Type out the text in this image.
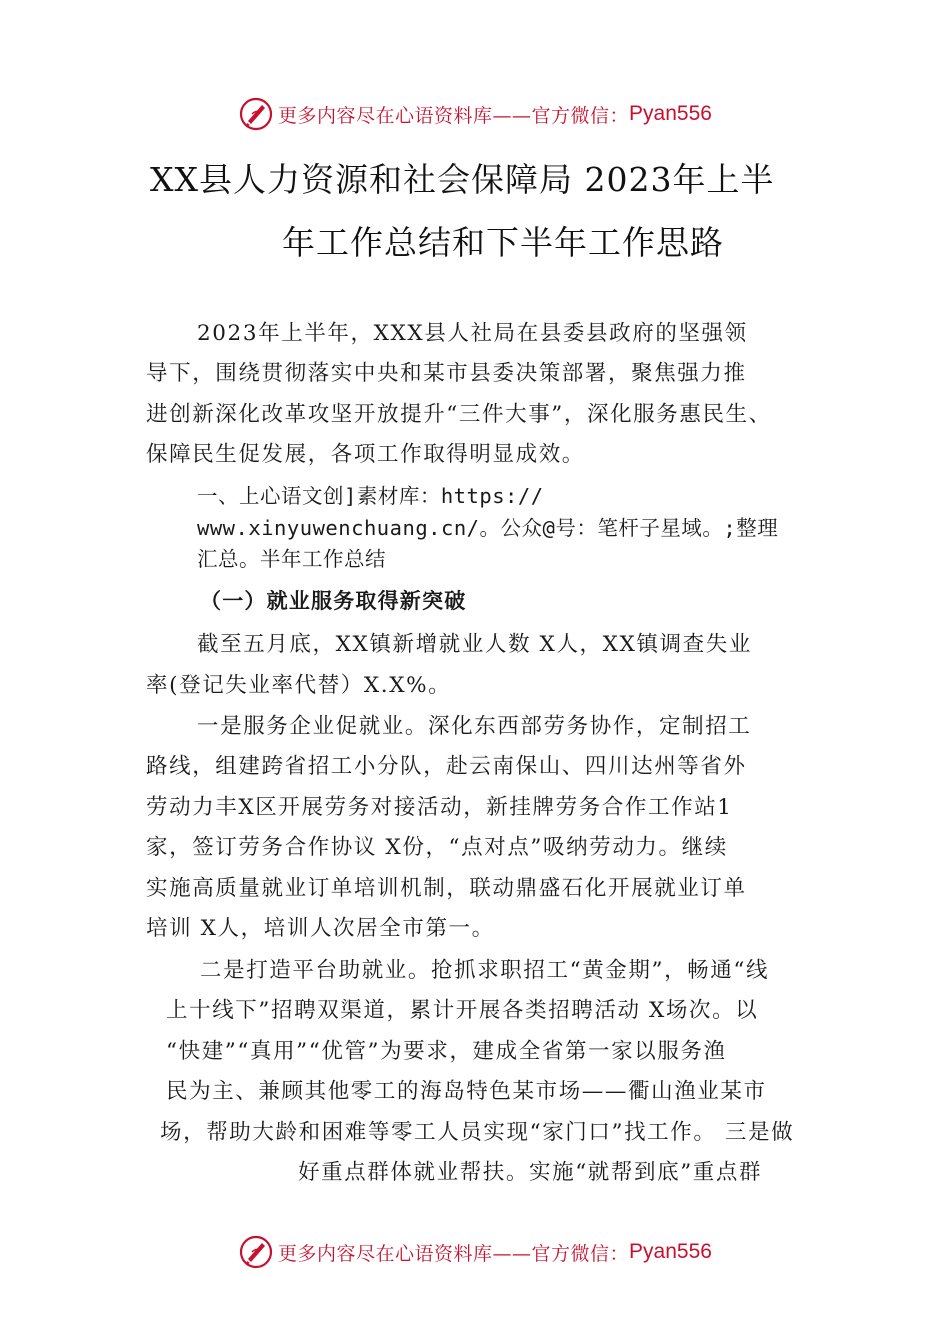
更多内容尽在心语资料库——官方微信： Pyan556
XX县人力资源和社会保障局 2023年上半
年工作总结和下半年工作思路
2023年上半年，XXX县人社局在县委县政府的坚强领
导下，围绕贯彻落实中央和某市县委决策部署，聚焦强力推
进创新深化改革攻坚开放提升“三件大事”，深化服务惠民生、
保障民生促发展，各项工作取得明显成效。
一、上心语文创]素材库：https://
www.xinyuwenchuang.cn/。公众@号：笔杆子星域。;整理
汇总。半年工作总结
（一）就业服务取得新突破
截至五月底，XX镇新增就业人数 X人，XX镇调查失业
率(登记失业率代替）X.X%。
一是服务企业促就业。深化东西部劳务协作，定制招工
路线，组建跨省招工小分队，赴云南保山、四川达州等省外
劳动力丰X区开展劳务对接活动，新挂牌劳务合作工作站1
家，签订劳务合作协议 X份，“点对点”吸纳劳动力。继续
实施高质量就业订单培训机制，联动鼎盛石化开展就业订单
培训 X人，培训人次居全市第一。
二是打造平台助就业。抢抓求职招工“黄金期”，畅通“线
上十线下”招聘双渠道，累计开展各类招聘活动 X场次。以
“快建”“真用”“优管”为要求，建成全省第一家以服务渔
民为主、兼顾其他零工的海岛特色某市场——衢山渔业某市
场，帮助大龄和困难等零工人员实现“家门口”找工作。 三是做
好重点群体就业帮扶。实施“就帮到底”重点群
更多内容尽在心语资料库——官方微信： Pyan556
